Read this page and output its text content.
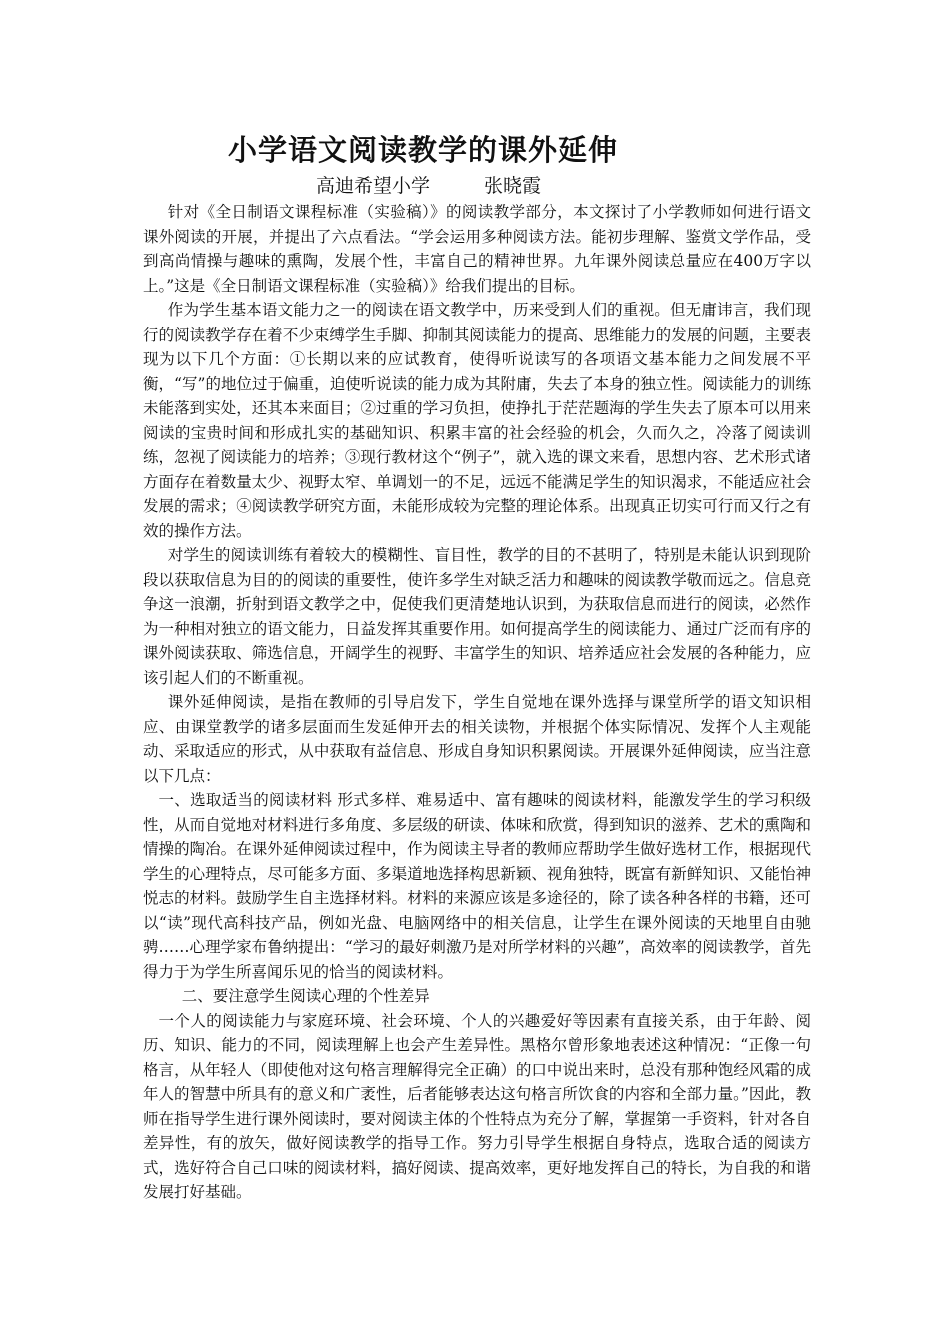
小学语文阅读教学的课外延伸
高迪希望小学	张晓霞

针对《全日制语文课程标准（实验稿）》的阅读教学部分，本文探讨了小学教师如何进行语文课外阅读的开展，并提出了六点看法。“学会运用多种阅读方法。能初步理解、鉴赏文学作品，受到高尚情操与趣味的熏陶，发展个性，丰富自己的精神世界。九年课外阅读总量应在400万字以上。”这是《全日制语文课程标准（实验稿）》给我们提出的目标。

作为学生基本语文能力之一的阅读在语文教学中，历来受到人们的重视。但无庸讳言，我们现行的阅读教学存在着不少束缚学生手脚、抑制其阅读能力的提高、思维能力的发展的问题，主要表现为以下几个方面：①长期以来的应试教育，使得听说读写的各项语文基本能力之间发展不平衡，“写”的地位过于偏重，迫使听说读的能力成为其附庸，失去了本身的独立性。阅读能力的训练未能落到实处，还其本来面目；②过重的学习负担，使挣扎于茫茫题海的学生失去了原本可以用来阅读的宝贵时间和形成扎实的基础知识、积累丰富的社会经验的机会，久而久之，冷落了阅读训练，忽视了阅读能力的培养；③现行教材这个“例子”，就入选的课文来看，思想内容、艺术形式诸方面存在着数量太少、视野太窄、单调划一的不足，远远不能满足学生的知识渴求，不能适应社会发展的需求；④阅读教学研究方面，未能形成较为完整的理论体系。出现真正切实可行而又行之有效的操作方法。

对学生的阅读训练有着较大的模糊性、盲目性，教学的目的不甚明了，特别是未能认识到现阶段以获取信息为目的的阅读的重要性，使许多学生对缺乏活力和趣味的阅读教学敬而远之。信息竞争这一浪潮，折射到语文教学之中，促使我们更清楚地认识到，为获取信息而进行的阅读，必然作为一种相对独立的语文能力，日益发挥其重要作用。如何提高学生的阅读能力、通过广泛而有序的课外阅读获取、筛选信息，开阔学生的视野、丰富学生的知识、培养适应社会发展的各种能力，应该引起人们的不断重视。

课外延伸阅读，是指在教师的引导启发下，学生自觉地在课外选择与课堂所学的语文知识相应、由课堂教学的诸多层面而生发延伸开去的相关读物，并根据个体实际情况、发挥个人主观能动、采取适应的形式，从中获取有益信息、形成自身知识积累阅读。开展课外延伸阅读，应当注意以下几点：

一、选取适当的阅读材料 形式多样、难易适中、富有趣味的阅读材料，能激发学生的学习积级性，从而自觉地对材料进行多角度、多层级的研读、体味和欣赏，得到知识的滋养、艺术的熏陶和情操的陶冶。在课外延伸阅读过程中，作为阅读主导者的教师应帮助学生做好选材工作，根据现代学生的心理特点，尽可能多方面、多渠道地选择构思新颖、视角独特，既富有新鲜知识、又能怡神悦志的材料。鼓励学生自主选择材料。材料的来源应该是多途径的，除了读各种各样的书籍，还可以“读”现代高科技产品，例如光盘、电脑网络中的相关信息，让学生在课外阅读的天地里自由驰骋……心理学家布鲁纳提出：“学习的最好刺激乃是对所学材料的兴趣”，高效率的阅读教学，首先得力于为学生所喜闻乐见的恰当的阅读材料。

二、要注意学生阅读心理的个性差异

一个人的阅读能力与家庭环境、社会环境、个人的兴趣爱好等因素有直接关系，由于年龄、阅历、知识、能力的不同，阅读理解上也会产生差异性。黑格尔曾形象地表述这种情况：“正像一句格言，从年轻人（即使他对这句格言理解得完全正确）的口中说出来时，总没有那种饱经风霜的成年人的智慧中所具有的意义和广袤性，后者能够表达这句格言所饮食的内容和全部力量。”因此，教师在指导学生进行课外阅读时，要对阅读主体的个性特点为充分了解，掌握第一手资料，针对各自差异性，有的放矢，做好阅读教学的指导工作。努力引导学生根据自身特点，选取合适的阅读方式，选好符合自己口味的阅读材料，搞好阅读、提高效率，更好地发挥自己的特长，为自我的和谐发展打好基础。
